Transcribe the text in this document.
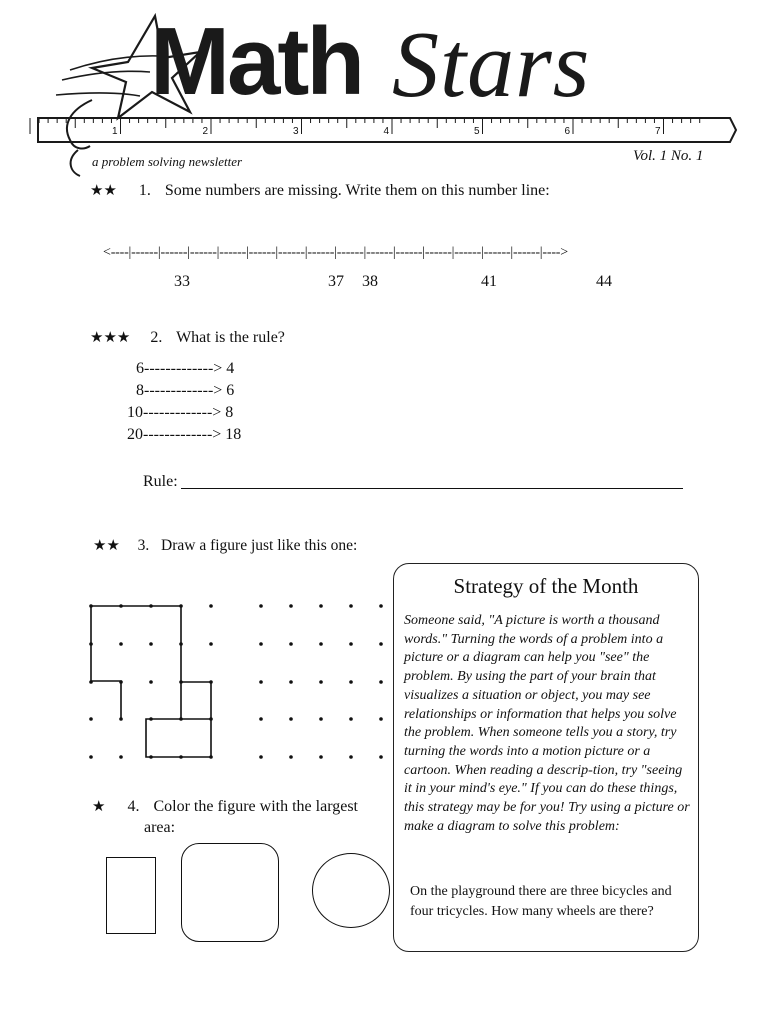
Math Stars
1	2	3	4	5	6	7
a problem solving newsletter	Vol. 1 No. 1
★★ 1. Some numbers are missing. Write them on this number line:
<----|------|------|------|------|------|------|------|------|------|------|------|------|------|------|---->
33	37 38	41	44
★★★ 2. What is the rule?
6-------------> 4
8-------------> 6
10-------------> 8
20-------------> 18
Rule:
★★ 3. Draw a figure just like this one:
★ 4. Color the figure with the largest
area:
Strategy of the Month
Someone said, "A picture is worth a thousand words." Turning the words of a problem into a picture or a diagram can help you "see" the problem. By using the part of your brain that visualizes a situation or object, you may see relationships or information that helps you solve the problem. When someone tells you a story, try turning the words into a motion picture or a cartoon. When reading a descrip-tion, try "seeing it in your mind's eye." If you can do these things, this strategy may be for you! Try using a picture or make a diagram to solve this problem:
On the playground there are three bicycles and four tricycles. How many wheels are there?
